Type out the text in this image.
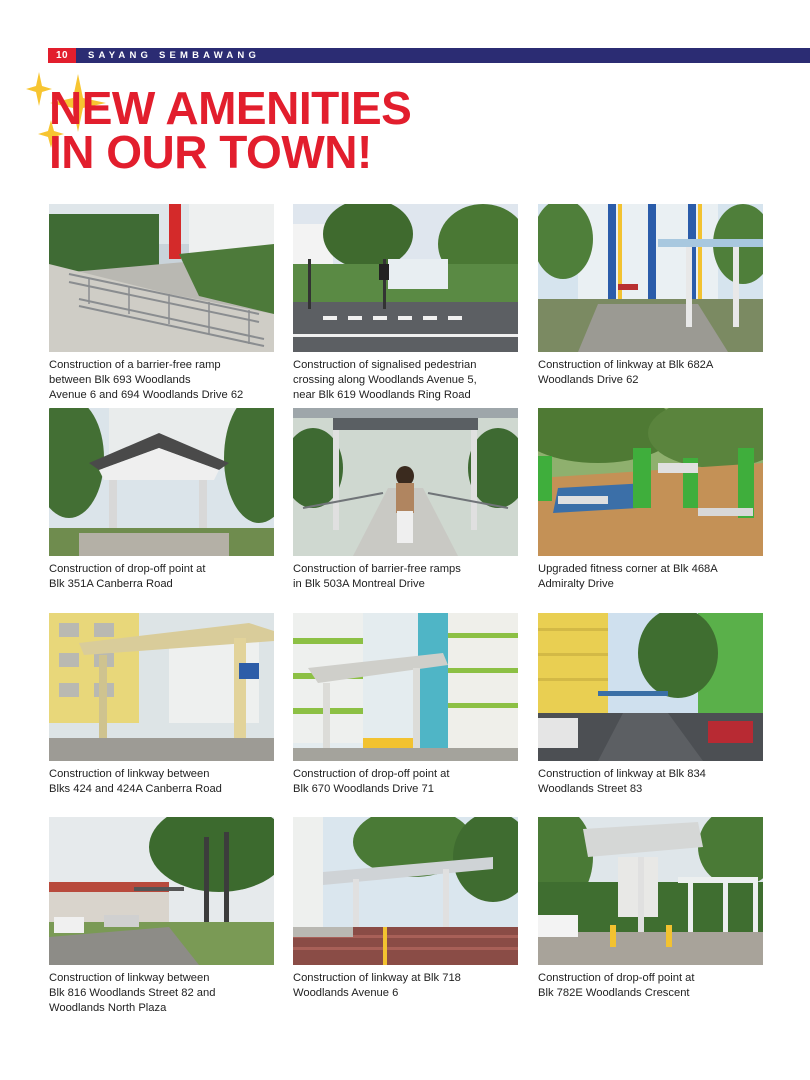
10	SAYANG SEMBAWANG
NEW AMENITIES
IN OUR TOWN!

Construction of a barrier-free ramp
between Blk 693 Woodlands
Avenue 6 and 694 Woodlands Drive 62

Construction of signalised pedestrian
crossing along Woodlands Avenue 5,
near Blk 619 Woodlands Ring Road

Construction of linkway at Blk 682A
Woodlands Drive 62

Construction of drop-off point at
Blk 351A Canberra Road

Construction of barrier-free ramps
in Blk 503A Montreal Drive

Upgraded fitness corner at Blk 468A
Admiralty Drive

Construction of linkway between
Blks 424 and 424A Canberra Road

Construction of drop-off point at
Blk 670 Woodlands Drive 71

Construction of linkway at Blk 834
Woodlands Street 83

Construction of linkway between
Blk 816 Woodlands Street 82 and
Woodlands North Plaza

Construction of linkway at Blk 718
Woodlands Avenue 6

Construction of drop-off point at
Blk 782E Woodlands Crescent
